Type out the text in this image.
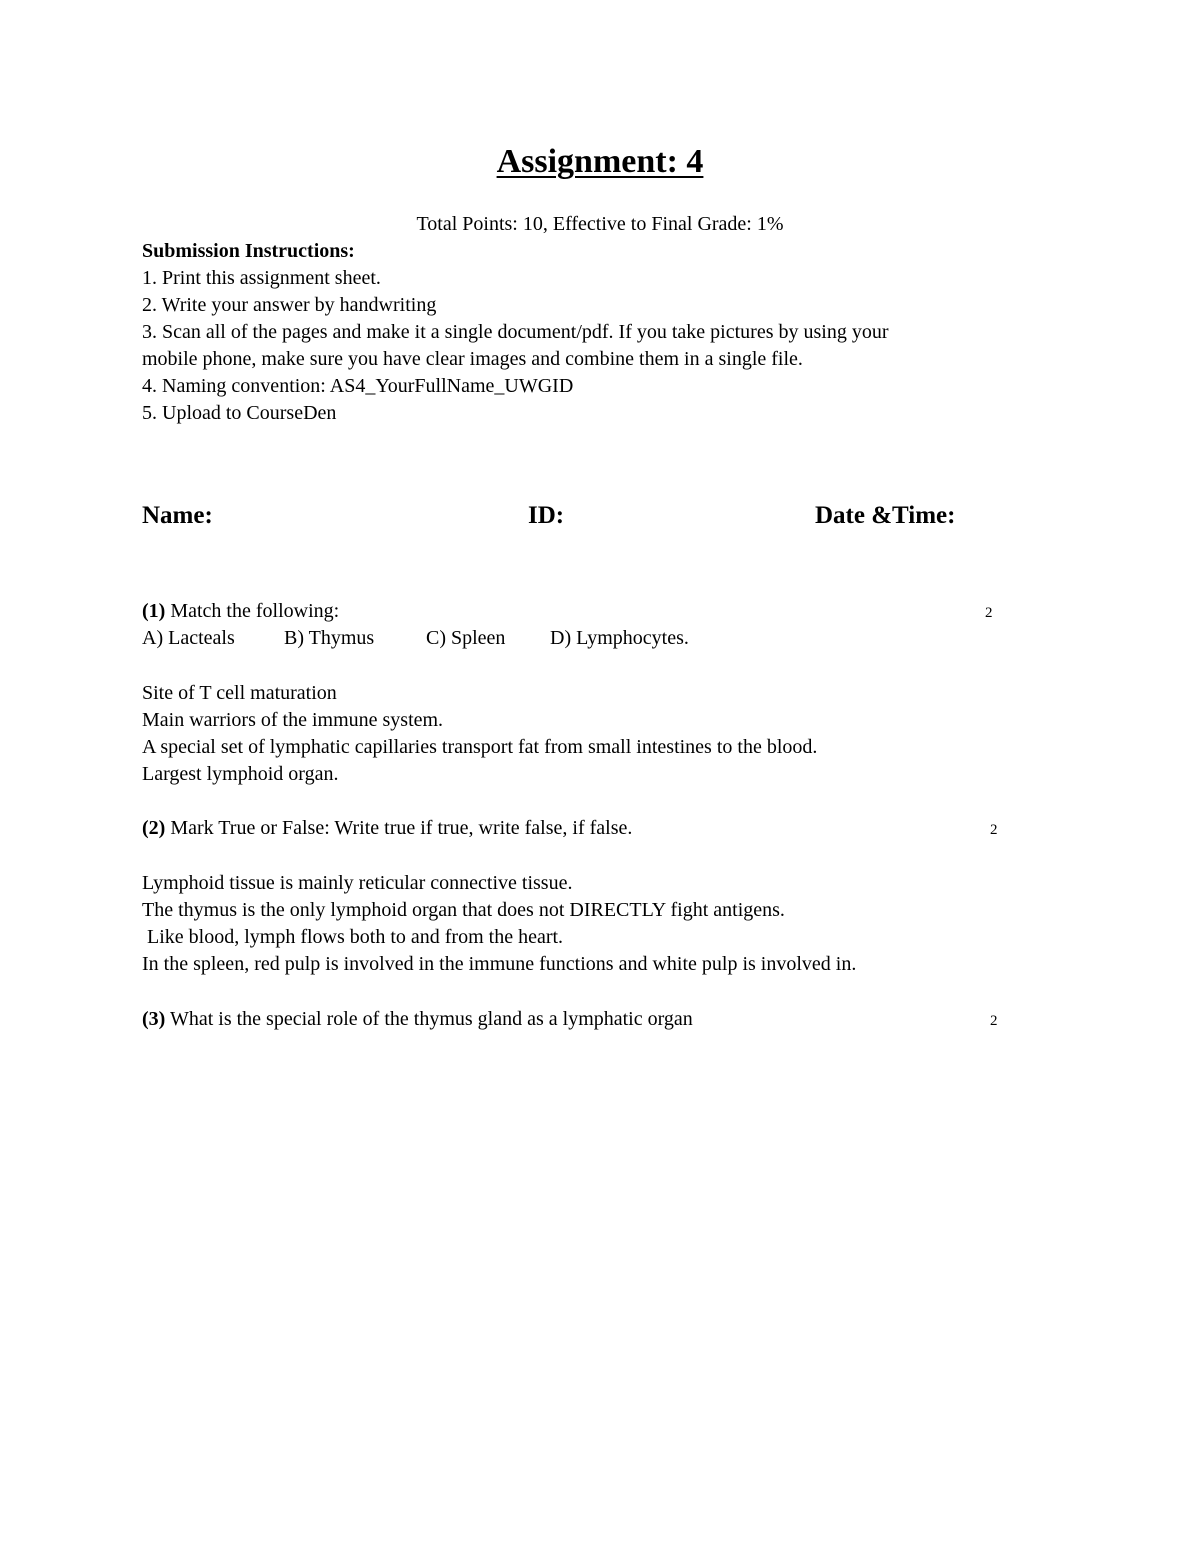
Assignment: 4
Total Points: 10, Effective to Final Grade: 1%
Submission Instructions:
1. Print this assignment sheet.
2. Write your answer by handwriting
3. Scan all of the pages and make it a single document/pdf. If you take pictures by using your
mobile phone, make sure you have clear images and combine them in a single file.
4. Naming convention: AS4_YourFullName_UWGID
5. Upload to CourseDen
Name:	ID:	Date &Time:
(1) Match the following:	2
A) Lacteals B) Thymus	C) Spleen D) Lymphocytes.
Site of T cell maturation
Main warriors of the immune system.
A special set of lymphatic capillaries transport fat from small intestines to the blood.
Largest lymphoid organ.
(2) Mark True or False: Write true if true, write false, if false.	2
Lymphoid tissue is mainly reticular connective tissue.
The thymus is the only lymphoid organ that does not DIRECTLY fight antigens.
Like blood, lymph flows both to and from the heart.
In the spleen, red pulp is involved in the immune functions and white pulp is involved in.
(3) What is the special role of the thymus gland as a lymphatic organ	2
